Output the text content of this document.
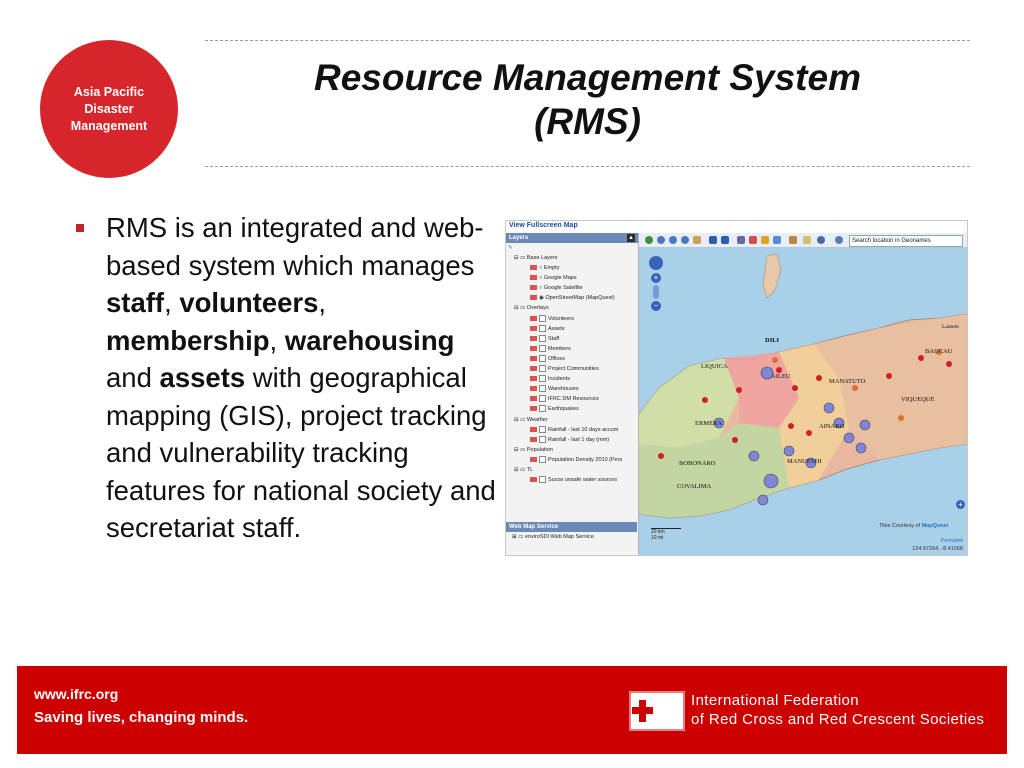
Asia Pacific
Disaster
Management
Resource Management System
(RMS)
RMS is an integrated and web-based system which manages staff, volunteers, membership, warehousing and assets with geographical mapping (GIS), project tracking and vulnerability tracking features for national society and secretariat staff.
View Fullscreen Map
Layers	▲
✎
⊟ ▭ Base Layers
○ Empty
○ Google Maps
○ Google Satellite
◉ OpenStreetMap (MapQuest)
⊟ ▭ Overlays
Volunteers
Assets
Staff
Members
Offices
Project Communities
Incidents
Warehouses
IFRC DM Resources
Earthquakes
⊟ ▭ Weather
Rainfall - last 10 days accum
Rainfall - last 1 day (mm)
⊟ ▭ Population
Population Density 2010 (Pers
⊟ ▭ TL
Sucos unsafe water sources
Web Map Service
⊞ ▭ enviroSDI Web Map Service
Search location in Geonames
+
−
DILI
LIQUICA
AILEU
MANATUTO
BAUCAU
VIQUEQUE
BOBONARO
ERMERA
MANUFAHI
AINARO
COVALIMA
Lautem
20 km
10 mi
Tiles Courtesy of MapQuest
Permalink
124.97264, -8.41068
+
www.ifrc.org
Saving lives, changing minds.
International Federation
of Red Cross and Red Crescent Societies
